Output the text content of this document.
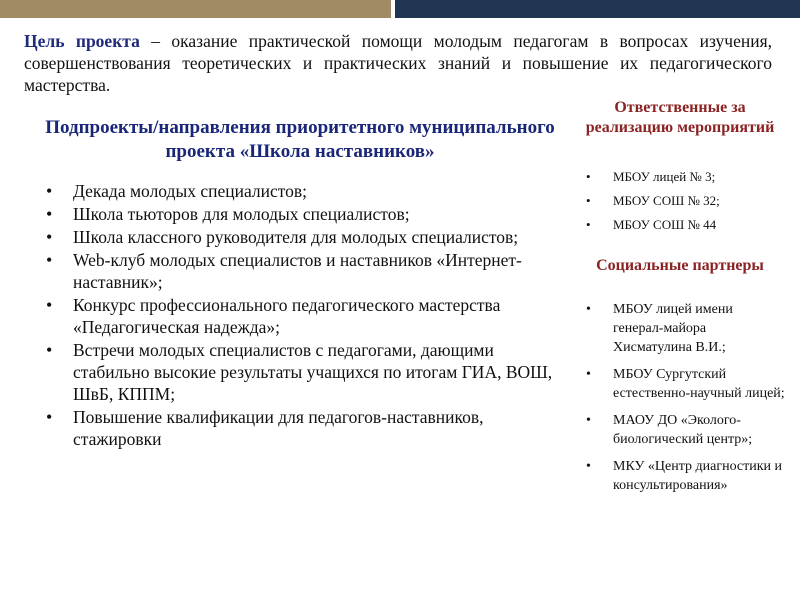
Цель проекта – оказание практической помощи молодым педагогам в вопросах изучения, совершенствования теоретических и практических знаний и повышение их педагогического мастерства.

Подпроекты/направления приоритетного муниципального проекта «Школа наставников»
• Декада молодых специалистов;
• Школа тьюторов для молодых специалистов;
• Школа классного руководителя для молодых специалистов;
• Web-клуб молодых специалистов и наставников «Интернет-наставник»;
• Конкурс профессионального педагогического мастерства «Педагогическая надежда»;
• Встречи молодых специалистов с педагогами, дающими стабильно высокие результаты учащихся по итогам ГИА, ВОШ, ШвБ, КППМ;
• Повышение квалификации для педагогов-наставников, стажировки
Ответственные за реализацию мероприятий
• МБОУ лицей № 3;
• МБОУ СОШ № 32;
• МБОУ СОШ № 44
Социальные партнеры
• МБОУ лицей имени генерал-майора Хисматулина В.И.;
• МБОУ Сургутский естественно-научный лицей;
• МАОУ ДО «Эколого-биологический центр»;
• МКУ «Центр диагностики и консультирования»
